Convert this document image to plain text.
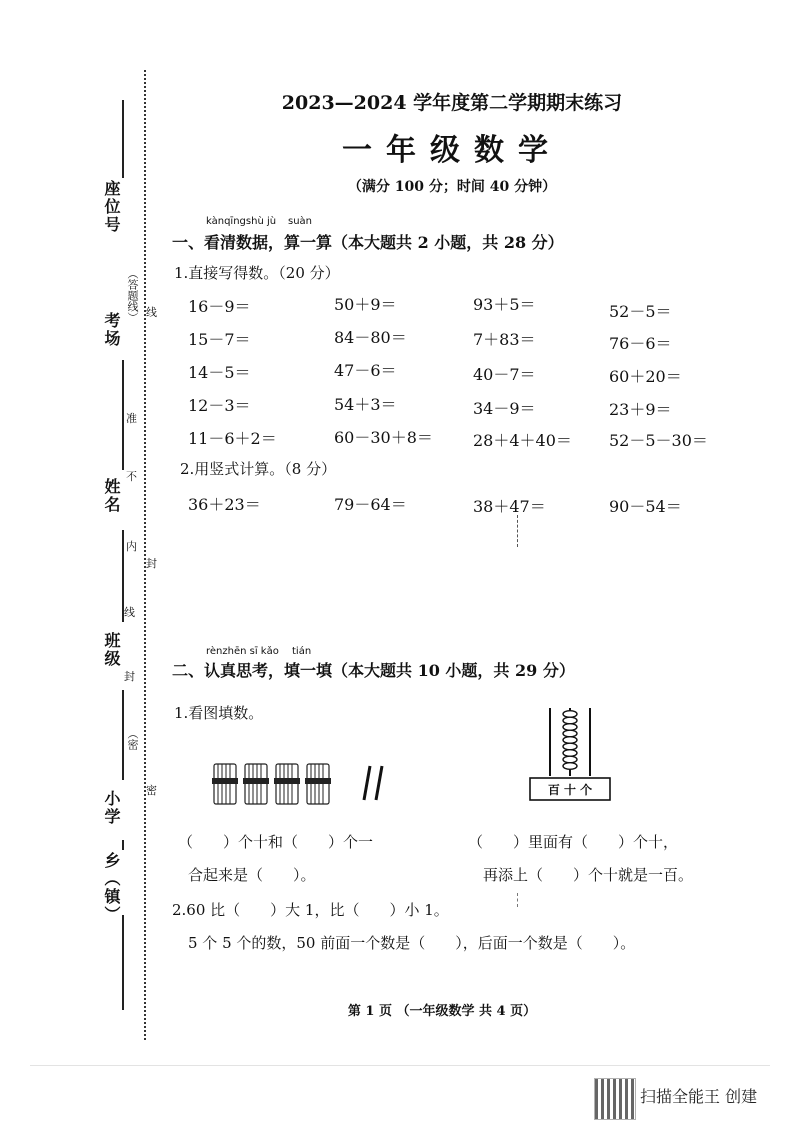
座位号
考场
姓名
班级
小学
乡（镇）
（答题线）
不
准
内
封
线
封
（密
密
线
2023—2024 学年度第二学期期末练习
一年级数学
（满分 100 分；时间 40 分钟）
kànqīngshù jù suàn
一、看清数据，算一算（本大题共 2 小题，共 28 分）
1.直接写得数。（20 分）
16－9＝	50＋9＝	93＋5＝	52－5＝
15－7＝	84－80＝	7＋83＝	76－6＝
14－5＝	47－6＝	40－7＝	60＋20＝
12－3＝	54＋3＝	34－9＝	23＋9＝
11－6＋2＝	60－30＋8＝	28＋4＋40＝ 52－5－30＝
2.用竖式计算。（8 分）
36＋23＝	79－64＝	38＋47＝	90－54＝
rènzhēn sī kǎo tián
二、认真思考，填一填（本大题共 10 小题，共 29 分）
1.看图填数。
百 十 个
（　　）个十和（　　）个一
合起来是（　　）。
（　　）里面有（　　）个十，
再添上（　　）个十就是一百。
2.60 比（　　）大 1，比（　　）小 1。
5 个 5 个的数，50 前面一个数是（　　），后面一个数是（　　）。
第 1 页 （一年级数学 共 4 页）
扫描全能王 创建
